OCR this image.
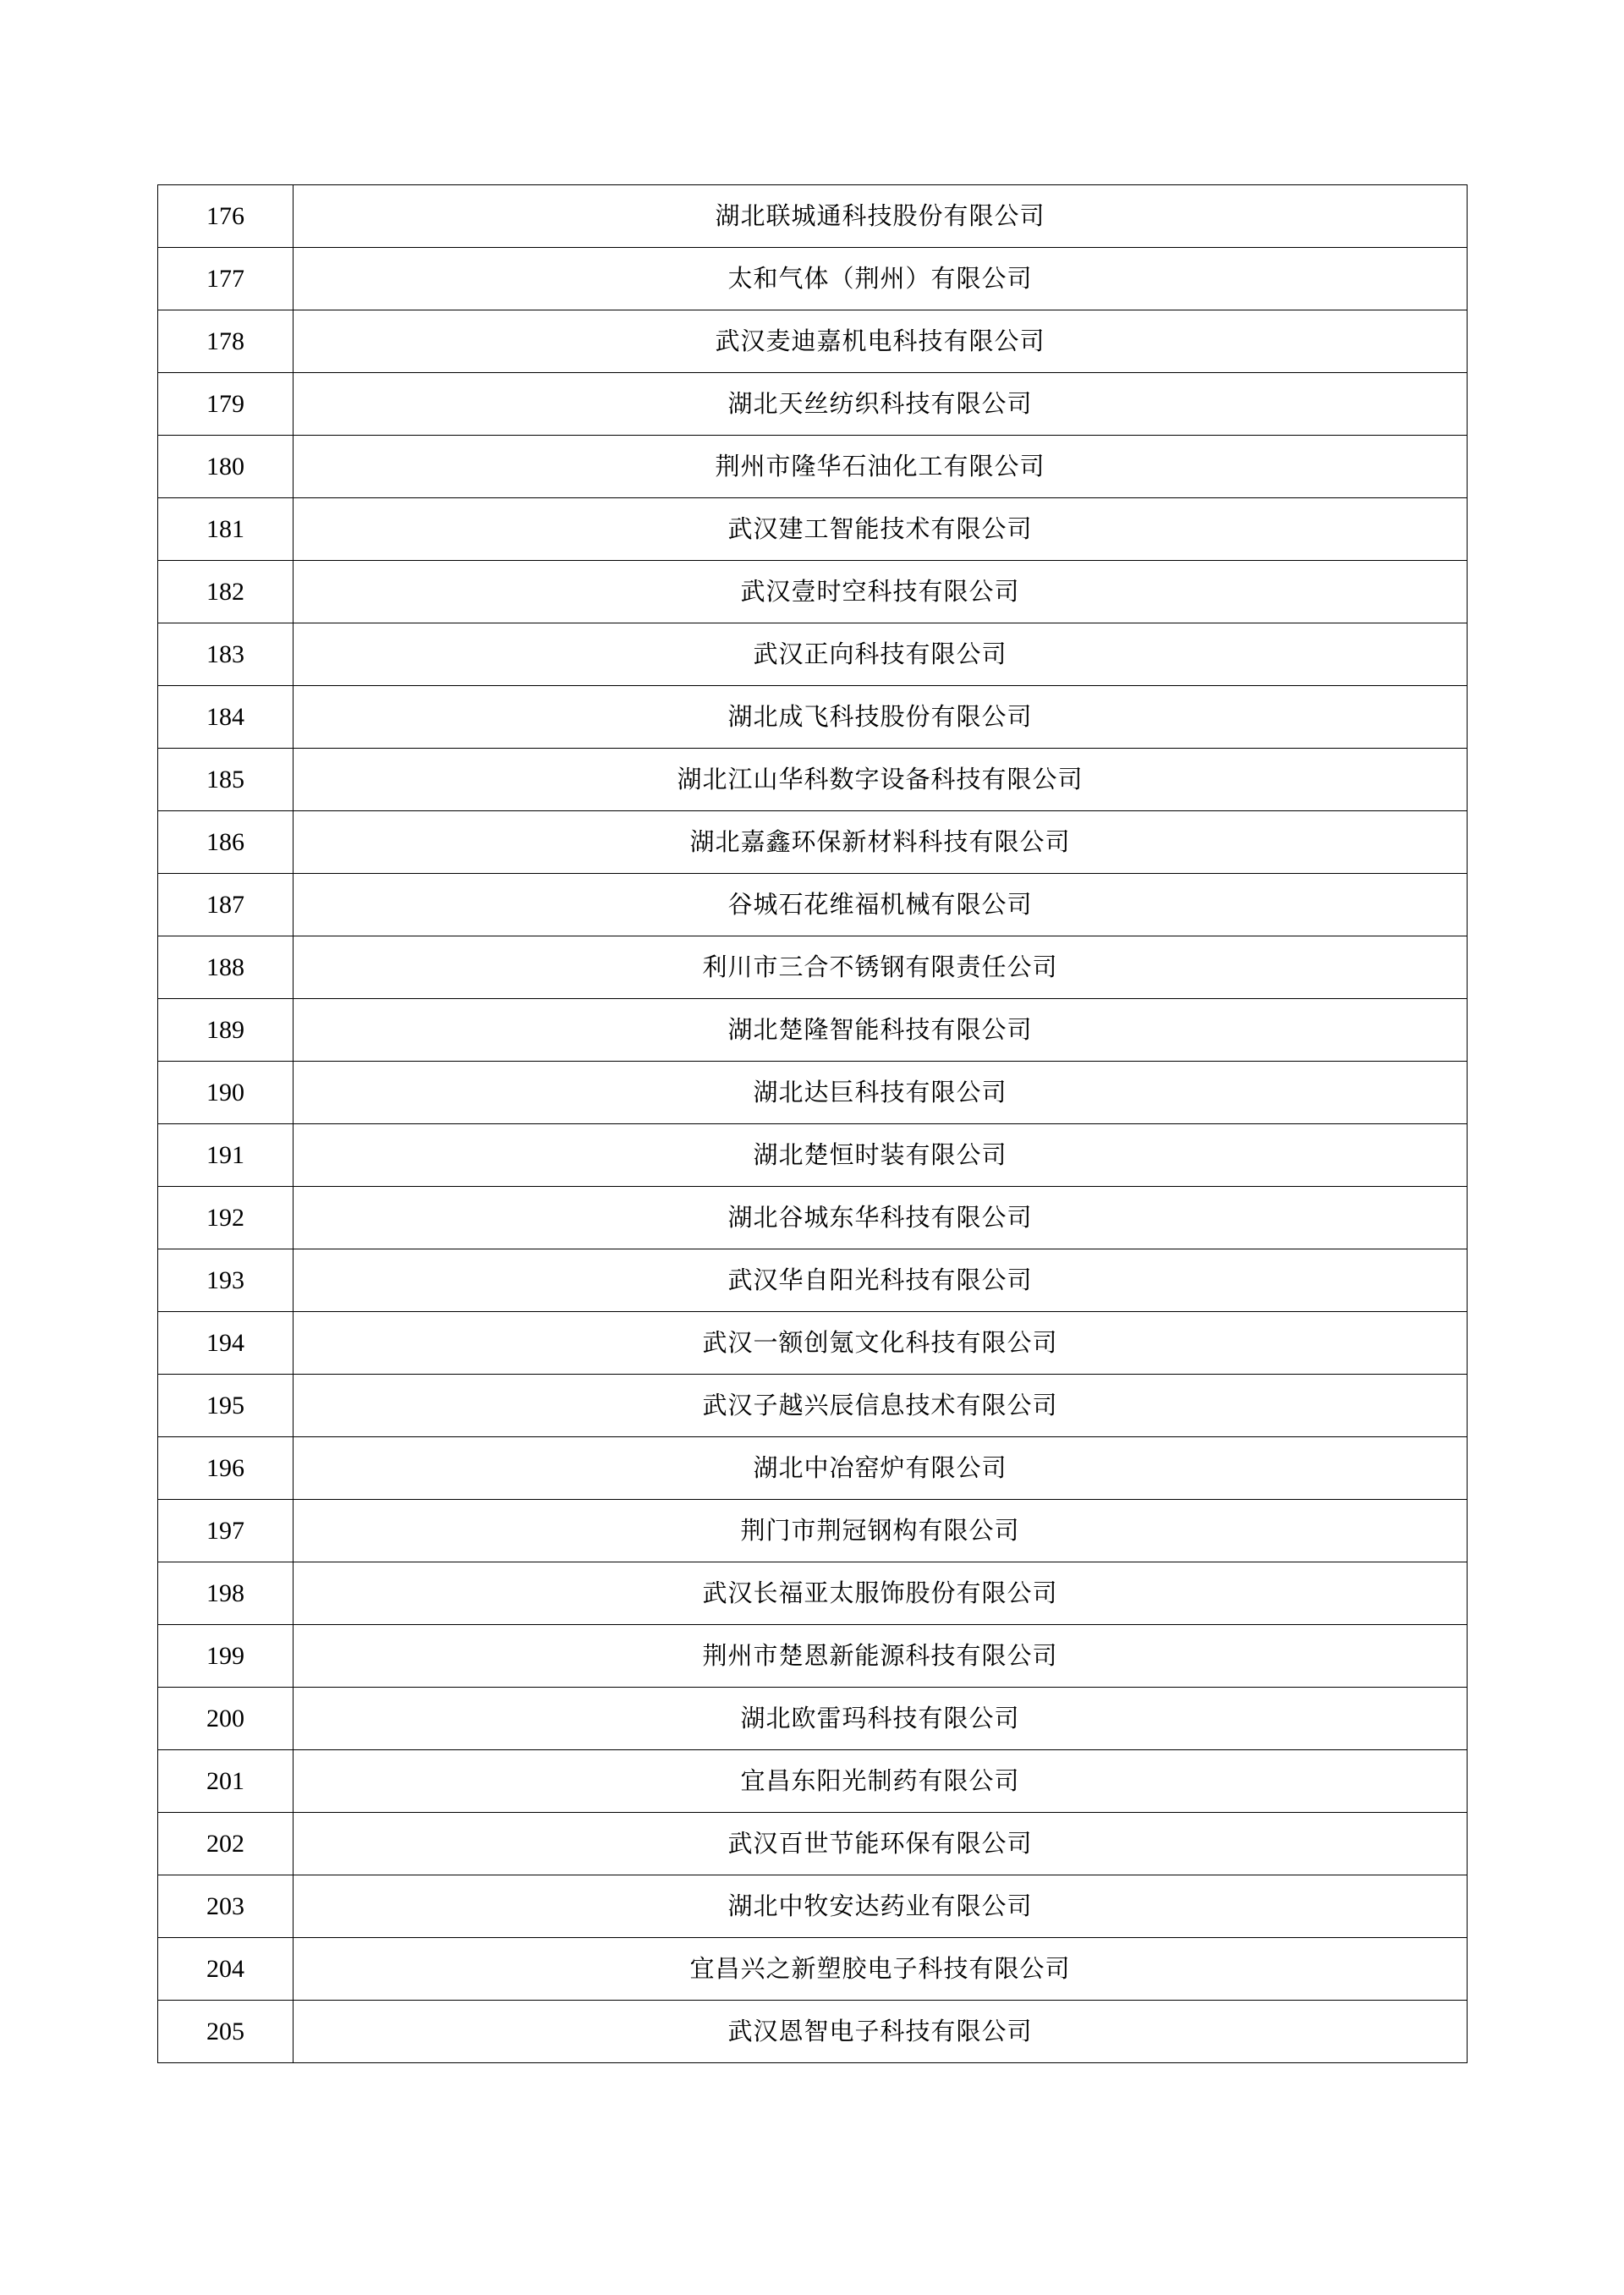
176	湖北联城通科技股份有限公司
177	太和气体（荆州）有限公司
178	武汉麦迪嘉机电科技有限公司
179	湖北天丝纺织科技有限公司
180	荆州市隆华石油化工有限公司
181	武汉建工智能技术有限公司
182	武汉壹时空科技有限公司
183	武汉正向科技有限公司
184	湖北成飞科技股份有限公司
185	湖北江山华科数字设备科技有限公司
186	湖北嘉鑫环保新材料科技有限公司
187	谷城石花维福机械有限公司
188	利川市三合不锈钢有限责任公司
189	湖北楚隆智能科技有限公司
190	湖北达巨科技有限公司
191	湖北楚恒时装有限公司
192	湖北谷城东华科技有限公司
193	武汉华自阳光科技有限公司
194	武汉一额创氪文化科技有限公司
195	武汉子越兴辰信息技术有限公司
196	湖北中冶窑炉有限公司
197	荆门市荆冠钢构有限公司
198	武汉长福亚太服饰股份有限公司
199	荆州市楚恩新能源科技有限公司
200	湖北欧雷玛科技有限公司
201	宜昌东阳光制药有限公司
202	武汉百世节能环保有限公司
203	湖北中牧安达药业有限公司
204	宜昌兴之新塑胶电子科技有限公司
205	武汉恩智电子科技有限公司
